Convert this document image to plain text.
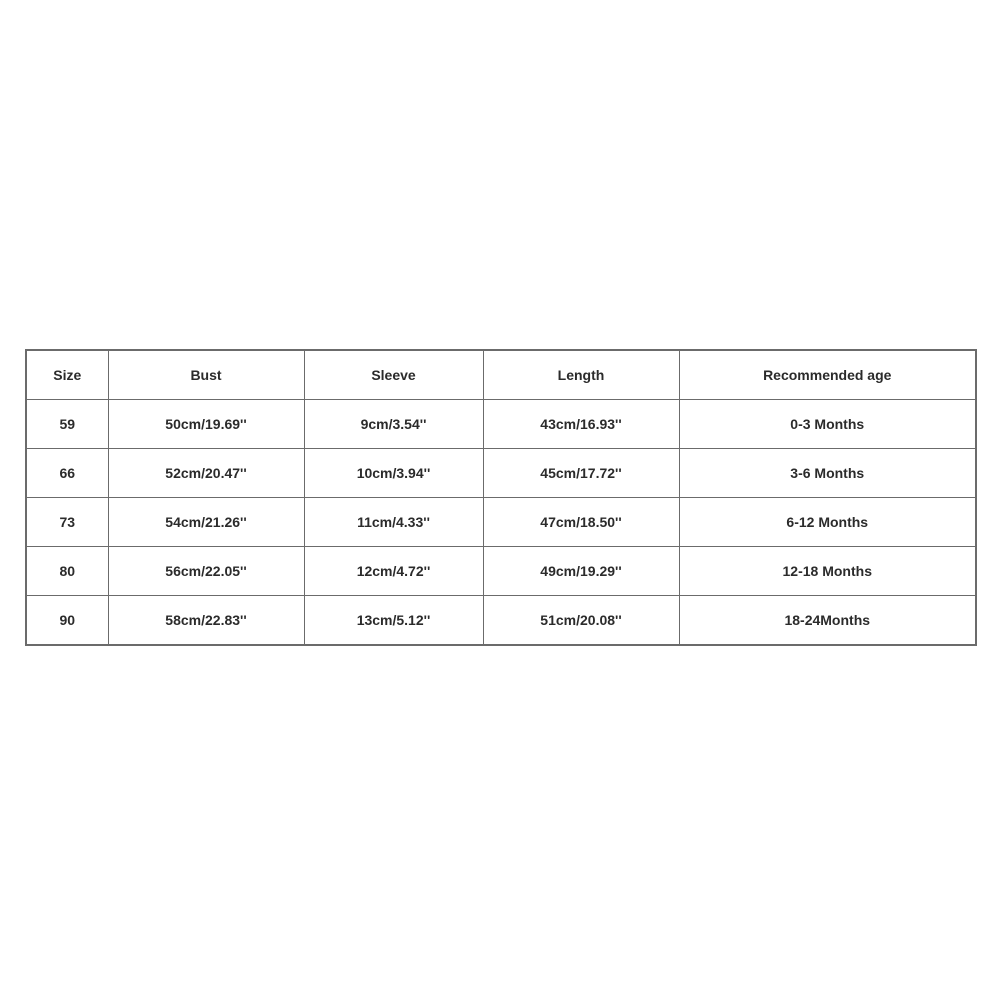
Size	Bust	Sleeve	Length	Recommended age
59	50cm/19.69''	9cm/3.54''	43cm/16.93''	0-3 Months
66	52cm/20.47''	10cm/3.94''	45cm/17.72''	3-6 Months
73	54cm/21.26''	11cm/4.33''	47cm/18.50''	6-12 Months
80	56cm/22.05''	12cm/4.72''	49cm/19.29''	12-18 Months
90	58cm/22.83''	13cm/5.12''	51cm/20.08''	18-24Months
